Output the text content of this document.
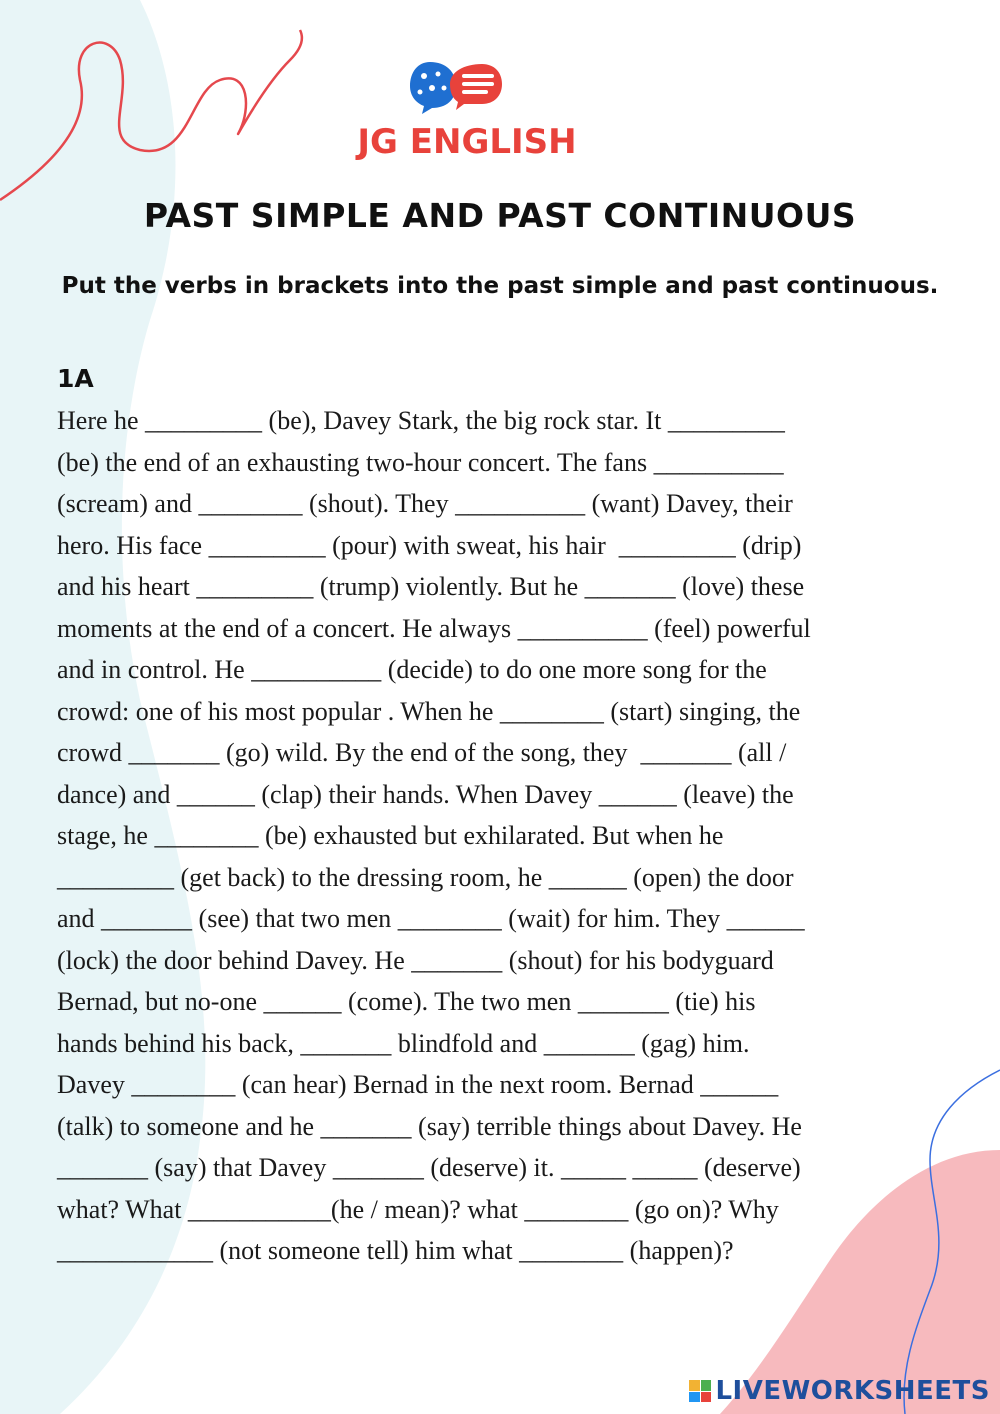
JG ENGLISH
PAST SIMPLE AND PAST CONTINUOUS
Put the verbs in brackets into the past simple and past continuous.
1A
Here he _________ (be), Davey Stark, the big rock star. It _________
(be) the end of an exhausting two-hour concert. The fans __________
(scream) and ________ (shout). They __________ (want) Davey, their
hero. His face _________ (pour) with sweat, his hair  _________ (drip)
and his heart _________ (trump) violently. But he _______ (love) these
moments at the end of a concert. He always __________ (feel) powerful
and in control. He __________ (decide) to do one more song for the
crowd: one of his most popular . When he ________ (start) singing, the
crowd _______ (go) wild. By the end of the song, they  _______ (all /
dance) and ______ (clap) their hands. When Davey ______ (leave) the
stage, he ________ (be) exhausted but exhilarated. But when he
_________ (get back) to the dressing room, he ______ (open) the door
and _______ (see) that two men ________ (wait) for him. They ______
(lock) the door behind Davey. He _______ (shout) for his bodyguard
Bernad, but no-one ______ (come). The two men _______ (tie) his
hands behind his back, _______ blindfold and _______ (gag) him.
Davey ________ (can hear) Bernad in the next room. Bernad ______
(talk) to someone and he _______ (say) terrible things about Davey. He
_______ (say) that Davey _______ (deserve) it. _____ _____ (deserve)
what? What ___________(he / mean)? what ________ (go on)? Why
____________ (not someone tell) him what ________ (happen)?
LIVEWORKSHEETS
